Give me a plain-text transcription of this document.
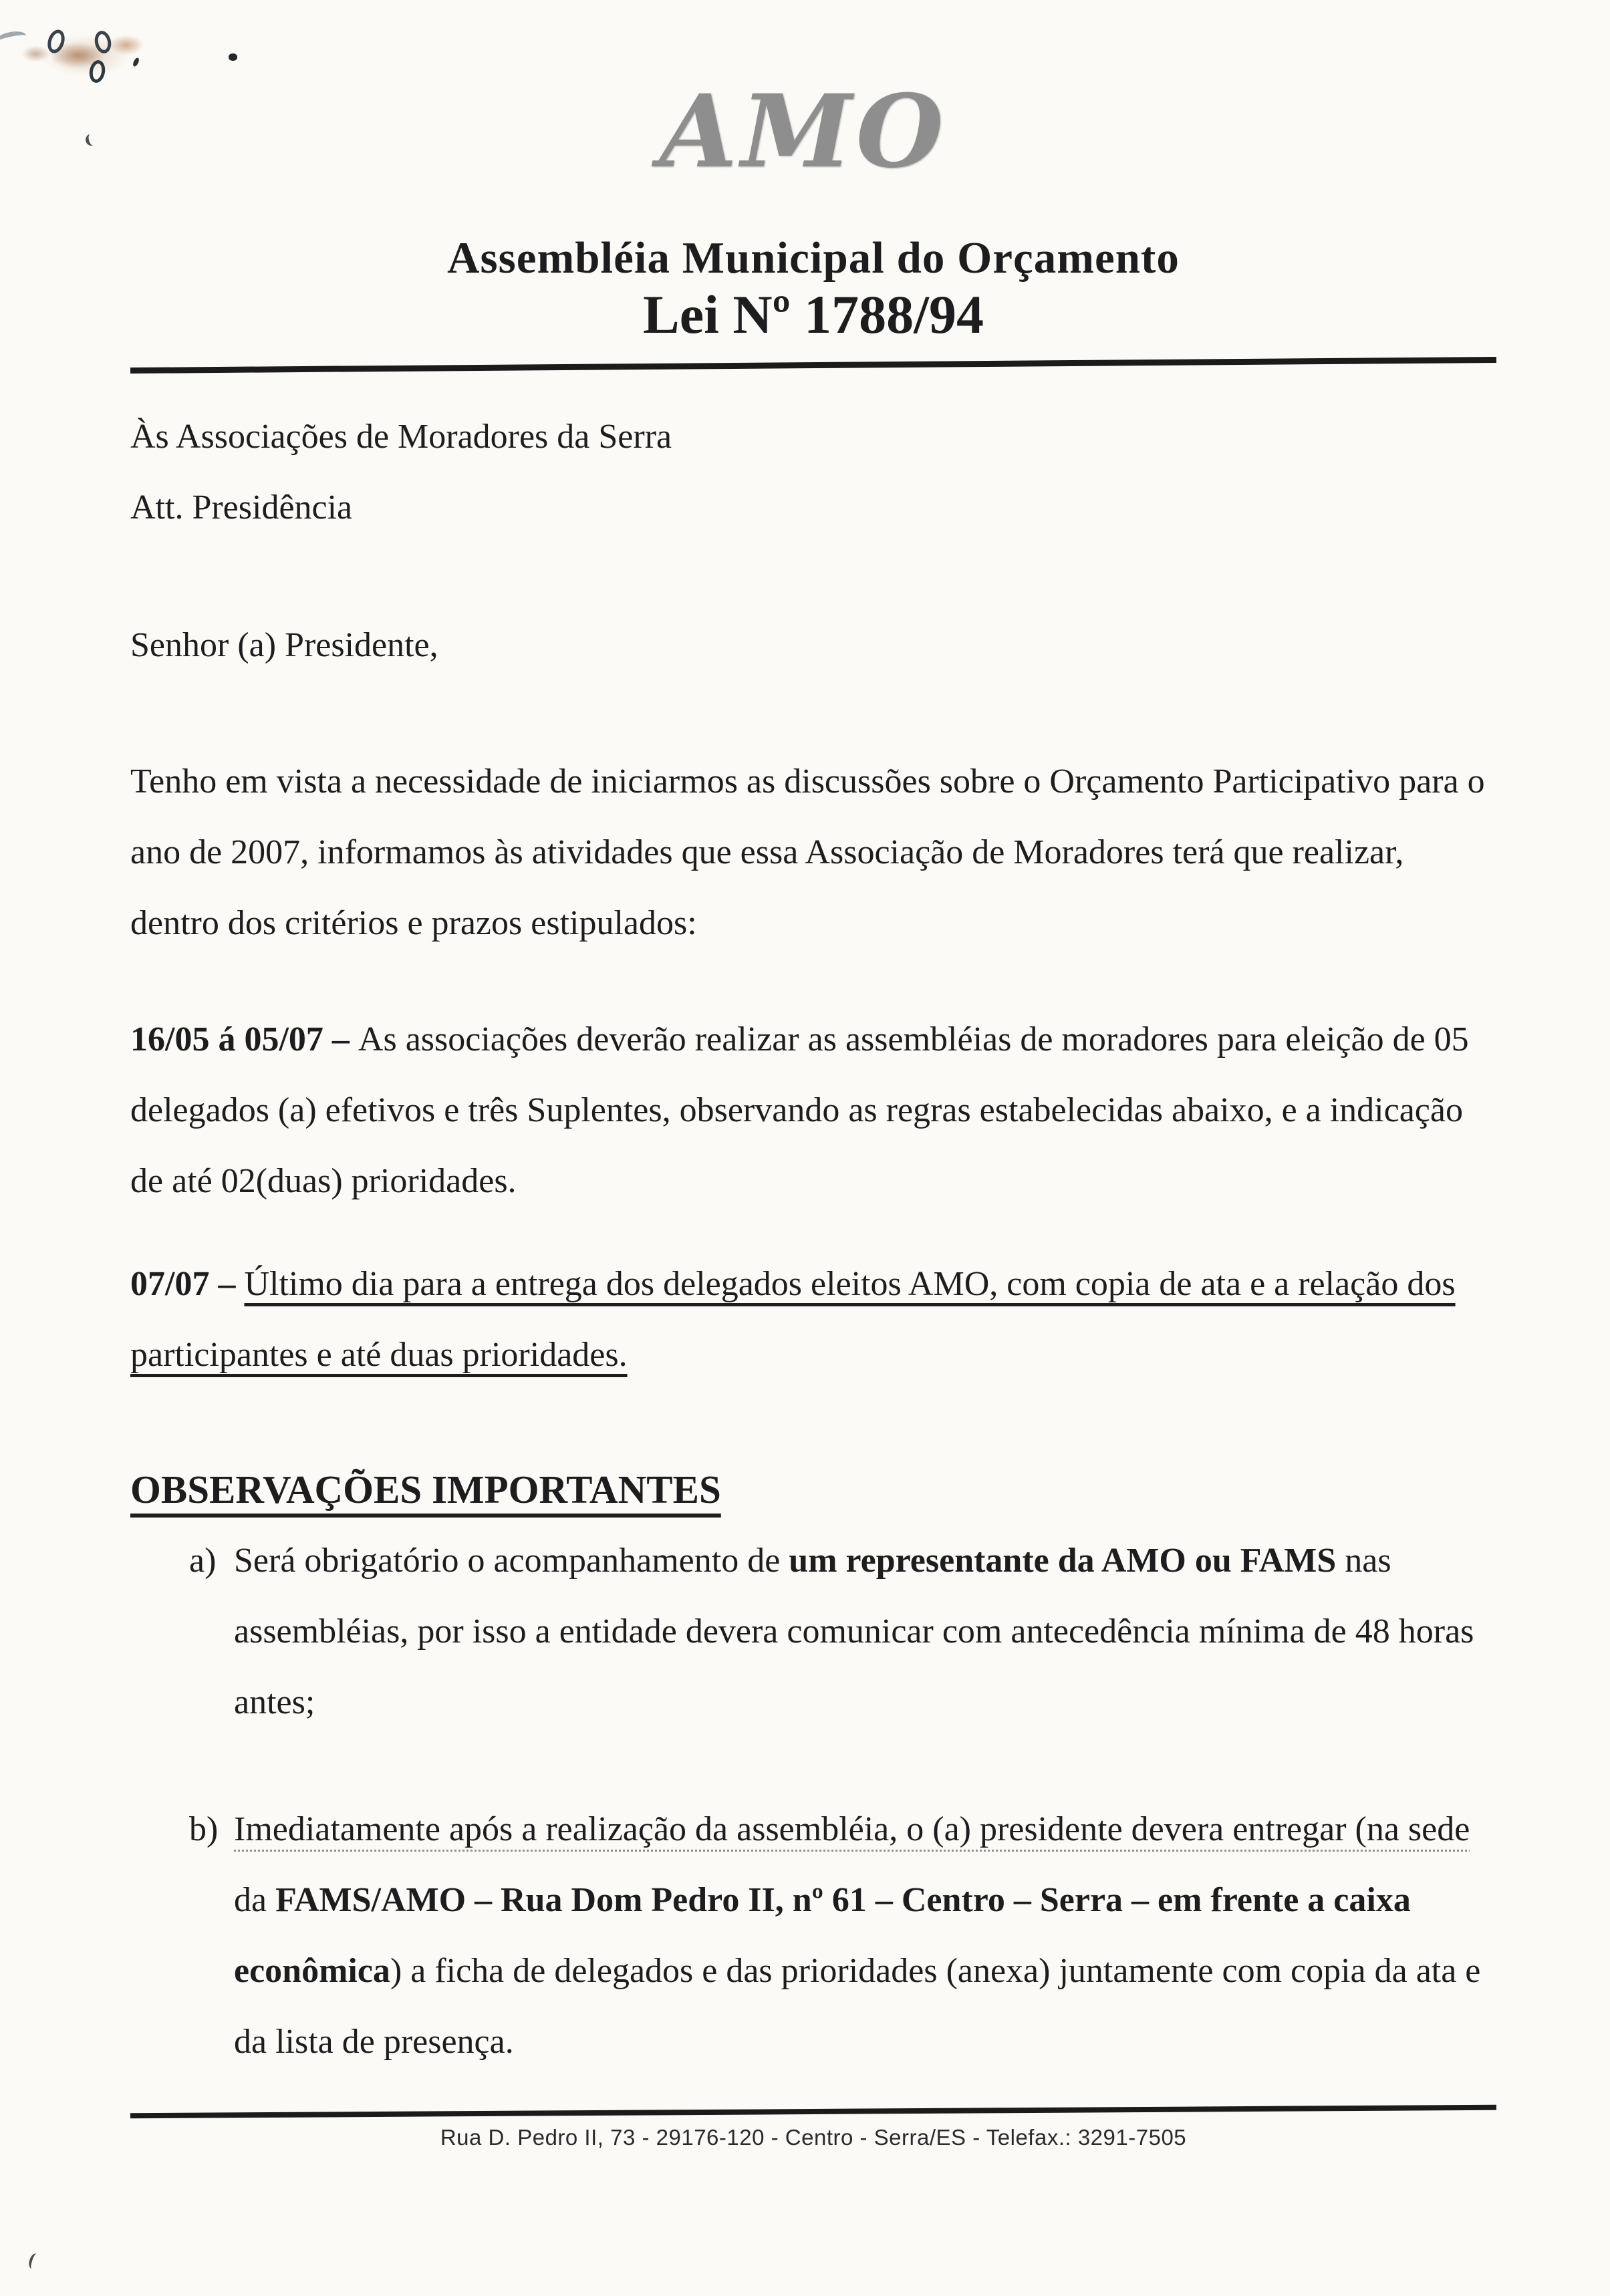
AMO
Assembléia Municipal do Orçamento
Lei Nº 1788/94

Às Associações de Moradores da Serra

Att. Presidência

Senhor (a) Presidente,

Tenho em vista a necessidade de iniciarmos as discussões sobre o Orçamento Participativo para o ano de 2007, informamos às atividades que essa Associação de Moradores terá que realizar, dentro dos critérios e prazos estipulados:

16/05 á 05/07 – As associações deverão realizar as assembléias de moradores para eleição de 05 delegados (a) efetivos e três Suplentes, observando as regras estabelecidas abaixo, e a indicação de até 02(duas) prioridades.

07/07 – Último dia para a entrega dos delegados eleitos AMO, com copia de ata e a relação dos participantes e até duas prioridades.

OBSERVAÇÕES IMPORTANTES
a) Será obrigatório o acompanhamento de um representante da AMO ou FAMS nas assembléias, por isso a entidade devera comunicar com antecedência mínima de 48 horas antes;
b) Imediatamente após a realização da assembléia, o (a) presidente devera entregar (na sede da FAMS/AMO – Rua Dom Pedro II, nº 61 – Centro – Serra – em frente a caixa econômica) a ficha de delegados e das prioridades (anexa) juntamente com copia da ata e da lista de presença.
Rua D. Pedro II, 73 - 29176-120 - Centro - Serra/ES - Telefax.: 3291-7505
